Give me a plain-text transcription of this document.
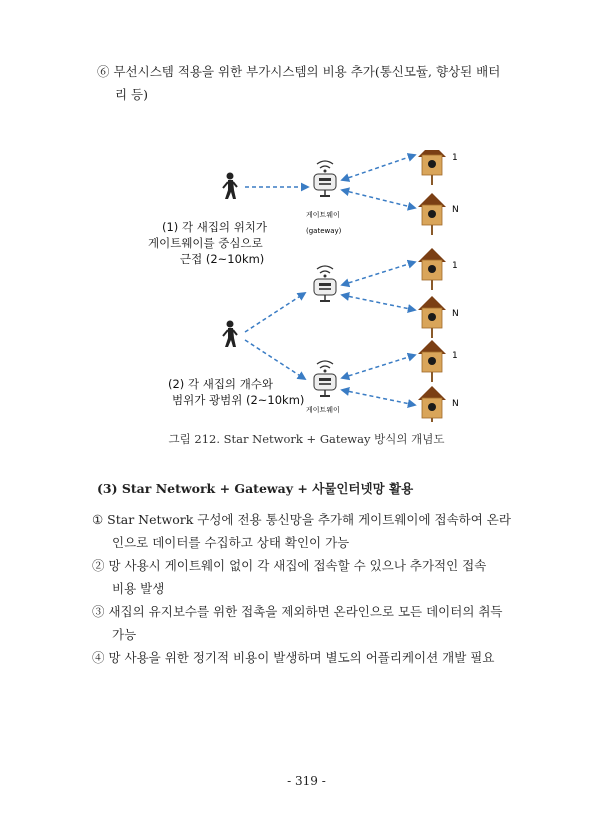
⑥ 무선시스템 적용을 위한 부가시스템의 비용 추가(통신모듈, 향상된 배터
리 등)
1
N
1
N
1
N
게이트웨이
(gateway)
게이트웨이
(1) 각 새집의 위치가
게이트웨이를 중심으로
근접 (2~10km)
(2) 각 새집의 개수와
범위가 광범위 (2~10km)
그림 212. Star Network + Gateway 방식의 개념도
(3) Star Network + Gateway + 사물인터넷망 활용
① Star Network 구성에 전용 통신망을 추가해 게이트웨이에 접속하여 온라
인으로 데이터를 수집하고 상태 확인이 가능
② 망 사용시 게이트웨이 없이 각 새집에 접속할 수 있으나 추가적인 접속
비용 발생
③ 새집의 유지보수를 위한 접촉을 제외하면 온라인으로 모든 데이터의 취득
가능
④ 망 사용을 위한 정기적 비용이 발생하며 별도의 어플리케이션 개발 필요
- 319 -
